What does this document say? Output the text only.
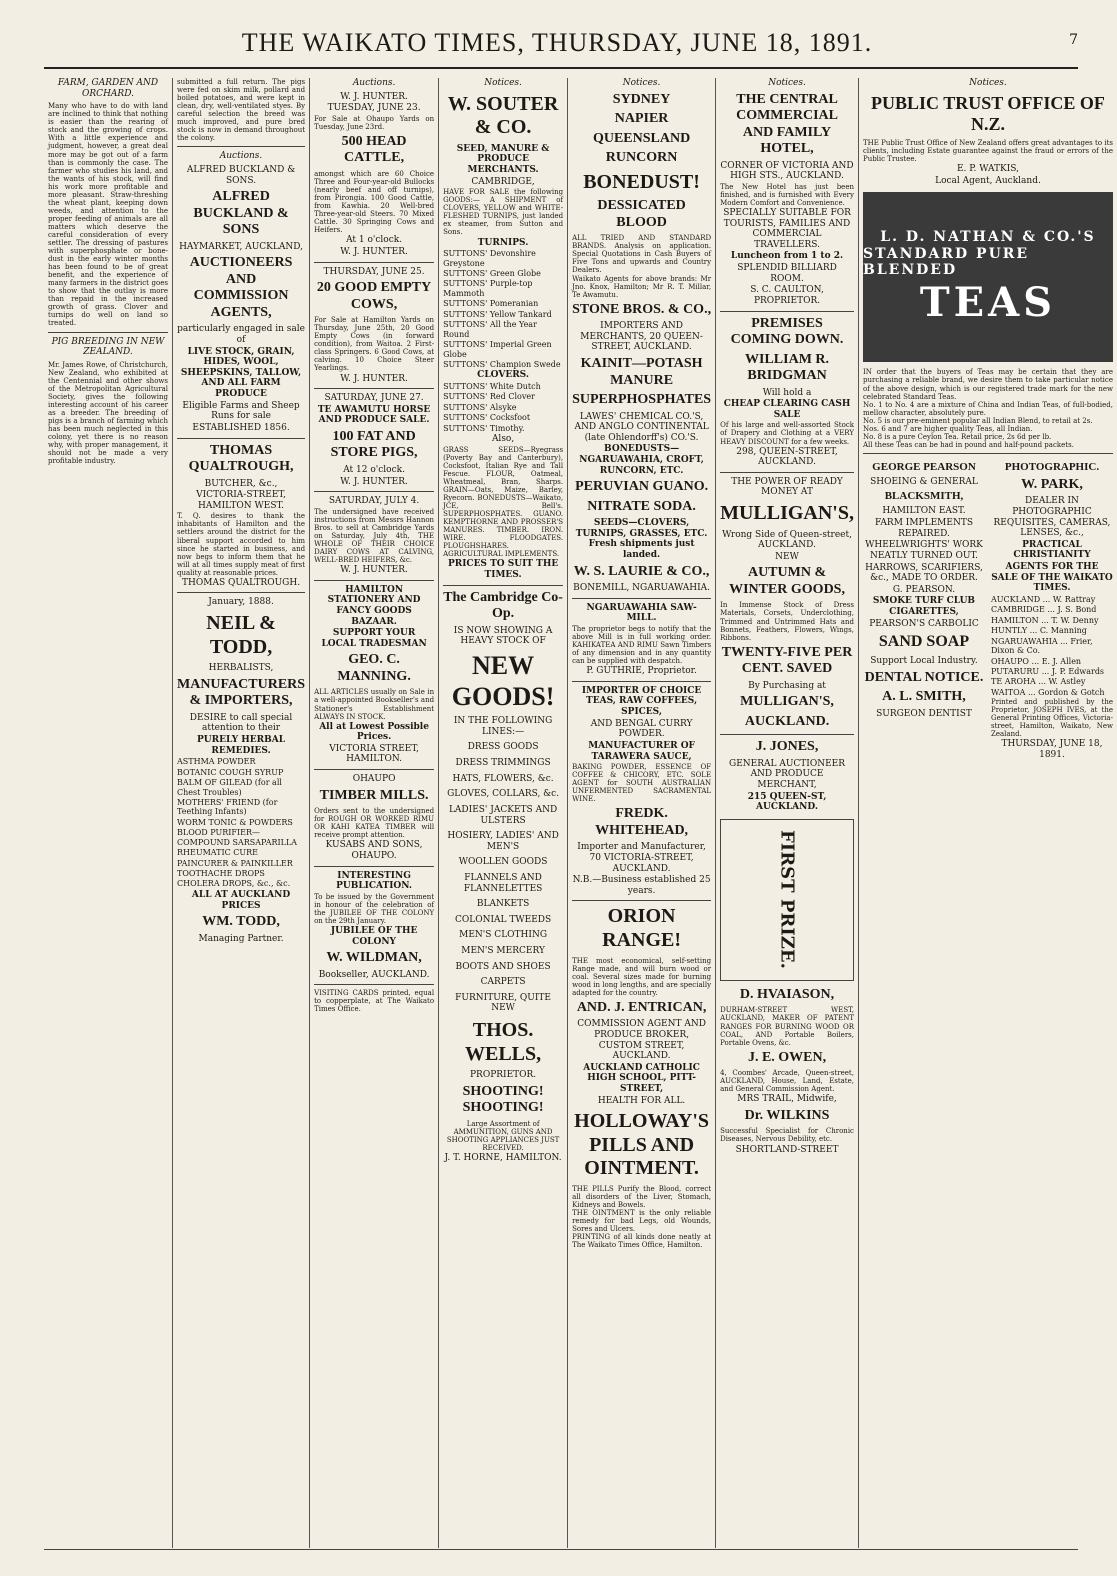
THE WAIKATO TIMES, THURSDAY, JUNE 18, 1891.	7
FARM, GARDEN AND ORCHARD.
Many who have to do with land are inclined to think that nothing is easier than the rearing of stock and the growing of crops. With a little experience and judgment, however, a great deal more may be got out of a farm than is commonly the case. The farmer who studies his land, and the wants of his stock, will find his work more profitable and more pleasant. Straw-threshing the wheat plant, keeping down weeds, and attention to the proper feeding of animals are all matters which deserve the careful consideration of every settler. The dressing of pastures with superphosphate or bone-dust in the early winter months has been found to be of great benefit, and the experience of many farmers in the district goes to show that the outlay is more than repaid in the increased growth of grass. Clover and turnips do well on land so treated.
PIG BREEDING IN NEW ZEALAND.
Mr. James Rowe, of Christchurch, New Zealand, who exhibited at the Centennial and other shows of the Metropolitan Agricultural Society, gives the following interesting account of his career as a breeder. The breeding of pigs is a branch of farming which has been much neglected in this colony, yet there is no reason why, with proper management, it should not be made a very profitable industry.
submitted a full return. The pigs were fed on skim milk, pollard and boiled potatoes, and were kept in clean, dry, well-ventilated styes. By careful selection the breed was much improved, and pure bred stock is now in demand throughout the colony.
Auctions.
ALFRED BUCKLAND & SONS.
ALFRED BUCKLAND & SONS
HAYMARKET, AUCKLAND,
AUCTIONEERS AND COMMISSION AGENTS,
particularly engaged in sale of
LIVE STOCK, GRAIN, HIDES, WOOL, SHEEPSKINS, TALLOW, AND ALL FARM PRODUCE
Eligible Farms and Sheep Runs for sale
ESTABLISHED 1856.
THOMAS QUALTROUGH,
BUTCHER, &c.,
VICTORIA-STREET, HAMILTON WEST.
T. Q. desires to thank the inhabitants of Hamilton and the settlers around the district for the liberal support accorded to him since he started in business, and now begs to inform them that he will at all times supply meat of first quality at reasonable prices.
THOMAS QUALTROUGH.
January, 1888.
NEIL & TODD,
HERBALISTS,
MANUFACTURERS & IMPORTERS,
DESIRE to call special attention to their
PURELY HERBAL REMEDIES.
ASTHMA POWDER
BOTANIC COUGH SYRUP
BALM OF GILEAD (for all Chest Troubles)
MOTHERS' FRIEND (for Teething Infants)
WORM TONIC & POWDERS
BLOOD PURIFIER—COMPOUND SARSAPARILLA
RHEUMATIC CURE
PAINCURER & PAINKILLER
TOOTHACHE DROPS
CHOLERA DROPS, &c., &c.
ALL AT AUCKLAND PRICES
WM. TODD,
Managing Partner.
Auctions.
W. J. HUNTER.
TUESDAY, JUNE 23.
For Sale at Ohaupo Yards on Tuesday, June 23rd.
500 HEAD CATTLE,
amongst which are 60 Choice Three and Four-year-old Bullocks (nearly beef and off turnips), from Pirongia. 100 Good Cattle, from Kawhia. 20 Well-bred Three-year-old Steers. 70 Mixed Cattle. 30 Springing Cows and Heifers.
At 1 o'clock.
W. J. HUNTER.
THURSDAY, JUNE 25.
20 GOOD EMPTY COWS,
For Sale at Hamilton Yards on Thursday, June 25th, 20 Good Empty Cows (in forward condition), from Waitoa. 2 First-class Springers. 6 Good Cows, at calving. 10 Choice Steer Yearlings.
W. J. HUNTER.
SATURDAY, JUNE 27.
TE AWAMUTU HORSE AND PRODUCE SALE.
100 FAT AND STORE PIGS,
At 12 o'clock.
W. J. HUNTER.
SATURDAY, JULY 4.
The undersigned have received instructions from Messrs Hannon Bros. to sell at Cambridge Yards on Saturday, July 4th, THE WHOLE OF THEIR CHOICE DAIRY COWS AT CALVING, WELL-BRED HEIFERS, &c.
W. J. HUNTER.
HAMILTON STATIONERY AND FANCY GOODS BAZAAR.
SUPPORT YOUR LOCAL TRADESMAN
GEO. C. MANNING.
ALL ARTICLES usually on Sale in a well-appointed Bookseller's and Stationer's Establishment ALWAYS IN STOCK.
All at Lowest Possible Prices.
VICTORIA STREET, HAMILTON.
OHAUPO
TIMBER MILLS.
Orders sent to the undersigned for ROUGH OR WORKED RIMU OR KAHI KATEA TIMBER will receive prompt attention.
KUSABS AND SONS, OHAUPO.
INTERESTING PUBLICATION.
To be issued by the Government in honour of the celebration of the JUBILEE OF THE COLONY on the 29th January.
JUBILEE OF THE COLONY
W. WILDMAN,
Bookseller, AUCKLAND.
VISITING CARDS printed, equal to copperplate, at The Waikato Times Office.
Notices.
W. SOUTER & CO.
SEED, MANURE & PRODUCE MERCHANTS.
CAMBRIDGE,
HAVE FOR SALE the following GOODS:— A SHIPMENT of CLOVERS, YELLOW and WHITE-FLESHED TURNIPS, just landed ex steamer, from Sutton and Sons.
TURNIPS.
SUTTONS' Devonshire Greystone
SUTTONS' Green Globe
SUTTONS' Purple-top Mammoth
SUTTONS' Pomeranian
SUTTONS' Yellow Tankard
SUTTONS' All the Year Round
SUTTONS' Imperial Green Globe
SUTTONS' Champion Swede
CLOVERS.
SUTTONS' White Dutch
SUTTONS' Red Clover
SUTTONS' Alsyke
SUTTONS' Cocksfoot
SUTTONS' Timothy.
Also,
GRASS SEEDS—Ryegrass (Poverty Bay and Canterbury), Cocksfoot, Italian Rye and Tall Fescue. FLOUR, Oatmeal, Wheatmeal, Bran, Sharps. GRAIN—Oats, Maize, Barley, Ryecorn. BONEDUSTS—Waikato, JCE, Bell's. SUPERPHOSPHATES. GUANO. KEMPTHORNE AND PROSSER'S MANURES. TIMBER. IRON. WIRE. FLOODGATES. PLOUGHSHARES. AGRICULTURAL IMPLEMENTS.
PRICES TO SUIT THE TIMES.
The Cambridge Co-Op.
IS NOW SHOWING A HEAVY STOCK OF
NEW GOODS!
IN THE FOLLOWING LINES:—
DRESS GOODS
DRESS TRIMMINGS
HATS, FLOWERS, &c.
GLOVES, COLLARS, &c.
LADIES' JACKETS AND ULSTERS
HOSIERY, LADIES' AND MEN'S
WOOLLEN GOODS
FLANNELS AND FLANNELETTES
BLANKETS
COLONIAL TWEEDS
MEN'S CLOTHING
MEN'S MERCERY
BOOTS AND SHOES
CARPETS
FURNITURE, QUITE NEW
THOS. WELLS,
PROPRIETOR.
SHOOTING! SHOOTING!
Large Assortment of AMMUNITION, GUNS AND SHOOTING APPLIANCES JUST RECEIVED.
J. T. HORNE, HAMILTON.
Notices.
SYDNEY
NAPIER
QUEENSLAND
RUNCORN
BONEDUST!
DESSICATED BLOOD
ALL TRIED AND STANDARD BRANDS. Analysis on application. Special Quotations in Cash Buyers of Five Tons and upwards and Country Dealers.
Waikato Agents for above brands: Mr Jno. Knox, Hamilton; Mr R. T. Millar, Te Awamutu.
STONE BROS. & CO.,
IMPORTERS AND MERCHANTS, 20 QUEEN-STREET, AUCKLAND.
KAINIT—POTASH MANURE
SUPERPHOSPHATES
LAWES' CHEMICAL CO.'S, AND ANGLO CONTINENTAL (late Ohlendorff's) CO.'S.
BONEDUSTS—NGARUAWAHIA, CROFT, RUNCORN, ETC.
PERUVIAN GUANO.
NITRATE SODA.
SEEDS—CLOVERS, TURNIPS, GRASSES, ETC. Fresh shipments just landed.
W. S. LAURIE & CO.,
BONEMILL, NGARUAWAHIA.
NGARUAWAHIA SAW-MILL.
The proprietor begs to notify that the above Mill is in full working order. KAHIKATEA AND RIMU Sawn Timbers of any dimension and in any quantity can be supplied with despatch.
P. GUTHRIE, Proprietor.
IMPORTER OF CHOICE TEAS, RAW COFFEES, SPICES,
AND BENGAL CURRY POWDER.
MANUFACTURER OF TARAWERA SAUCE,
BAKING POWDER, ESSENCE OF COFFEE & CHICORY, ETC. SOLE AGENT for SOUTH AUSTRALIAN UNFERMENTED SACRAMENTAL WINE.
FREDK. WHITEHEAD,
Importer and Manufacturer, 70 VICTORIA-STREET, AUCKLAND.
N.B.—Business established 25 years.
ORION RANGE!
THE most economical, self-setting Range made, and will burn wood or coal. Several sizes made for burning wood in long lengths, and are specially adapted for the country.
AND. J. ENTRICAN,
COMMISSION AGENT AND PRODUCE BROKER, CUSTOM STREET, AUCKLAND.
AUCKLAND CATHOLIC HIGH SCHOOL, PITT-STREET,
HEALTH FOR ALL.
HOLLOWAY'S PILLS AND OINTMENT.
THE PILLS Purify the Blood, correct all disorders of the Liver, Stomach, Kidneys and Bowels.
THE OINTMENT is the only reliable remedy for bad Legs, old Wounds, Sores and Ulcers.
PRINTING of all kinds done neatly at The Waikato Times Office, Hamilton.
Notices.
THE CENTRAL COMMERCIAL AND FAMILY HOTEL,
CORNER OF VICTORIA AND HIGH STS., AUCKLAND.
The New Hotel has just been finished, and is furnished with Every Modern Comfort and Convenience.
SPECIALLY SUITABLE FOR TOURISTS, FAMILIES AND COMMERCIAL TRAVELLERS.
Luncheon from 1 to 2.
SPLENDID BILLIARD ROOM.
S. C. CAULTON, PROPRIETOR.
PREMISES COMING DOWN.
WILLIAM R. BRIDGMAN
Will hold a
CHEAP CLEARING CASH SALE
Of his large and well-assorted Stock of Drapery and Clothing at a VERY HEAVY DISCOUNT for a few weeks.
298, QUEEN-STREET, AUCKLAND.
THE POWER OF READY MONEY AT
MULLIGAN'S,
Wrong Side of Queen-street, AUCKLAND.
NEW
AUTUMN & WINTER GOODS,
In Immense Stock of Dress Materials, Corsets, Underclothing, Trimmed and Untrimmed Hats and Bonnets, Feathers, Flowers, Wings, Ribbons.
TWENTY-FIVE PER CENT. SAVED
By Purchasing at
MULLIGAN'S,
AUCKLAND.
J. JONES,
GENERAL AUCTIONEER AND PRODUCE MERCHANT,
215 QUEEN-ST, AUCKLAND.
FIRST PRIZE.
D. HVAIASON,
DURHAM-STREET WEST, AUCKLAND, MAKER OF PATENT RANGES FOR BURNING WOOD OR COAL, AND Portable Boilers, Portable Ovens, &c.
J. E. OWEN,
4, Coombes' Arcade, Queen-street, AUCKLAND, House, Land, Estate, and General Commission Agent.
MRS TRAIL, Midwife,
Dr. WILKINS
Successful Specialist for Chronic Diseases, Nervous Debility, etc.
SHORTLAND-STREET
Notices.
PUBLIC TRUST OFFICE OF N.Z.
THE Public Trust Office of New Zealand offers great advantages to its clients, including Estate guarantee against the fraud or errors of the Public Trustee.
E. P. WATKIS,
Local Agent, Auckland.
L. D. NATHAN & CO.'S
STANDARD PURE BLENDED
TEAS
IN order that the buyers of Teas may be certain that they are purchasing a reliable brand, we desire them to take particular notice of the above design, which is our registered trade mark for the new celebrated Standard Teas.
No. 1 to No. 4 are a mixture of China and Indian Teas, of full-bodied, mellow character, absolutely pure.
No. 5 is our pre-eminent popular all Indian Blend, to retail at 2s.
Nos. 6 and 7 are higher quality Teas, all Indian.
No. 8 is a pure Ceylon Tea. Retail price, 2s 6d per lb.
All these Teas can be had in pound and half-pound packets.
GEORGE PEARSON
SHOEING & GENERAL
BLACKSMITH,
HAMILTON EAST.
FARM IMPLEMENTS REPAIRED.
WHEELWRIGHTS' WORK NEATLY TURNED OUT.
HARROWS, SCARIFIERS, &c., MADE TO ORDER.
G. PEARSON.
SMOKE TURF CLUB CIGARETTES,
PEARSON'S CARBOLIC
SAND SOAP
Support Local Industry.
DENTAL NOTICE.
A. L. SMITH,
SURGEON DENTIST
PHOTOGRAPHIC.
W. PARK,
DEALER IN PHOTOGRAPHIC REQUISITES, CAMERAS, LENSES, &c.,
PRACTICAL CHRISTIANITY
AGENTS FOR THE SALE OF THE WAIKATO TIMES.
AUCKLAND ... W. Rattray
CAMBRIDGE ... J. S. Bond
HAMILTON ... T. W. Denny
HUNTLY ... C. Manning
NGARUAWAHIA ... Frier, Dixon & Co.
OHAUPO ... E. J. Allen
PUTARURU ... J. P. Edwards
TE AROHA ... W. Astley
WAITOA ... Gordon & Gotch
Printed and published by the Proprietor, JOSEPH IVES, at the General Printing Offices, Victoria-street, Hamilton, Waikato, New Zealand.
THURSDAY, JUNE 18, 1891.
